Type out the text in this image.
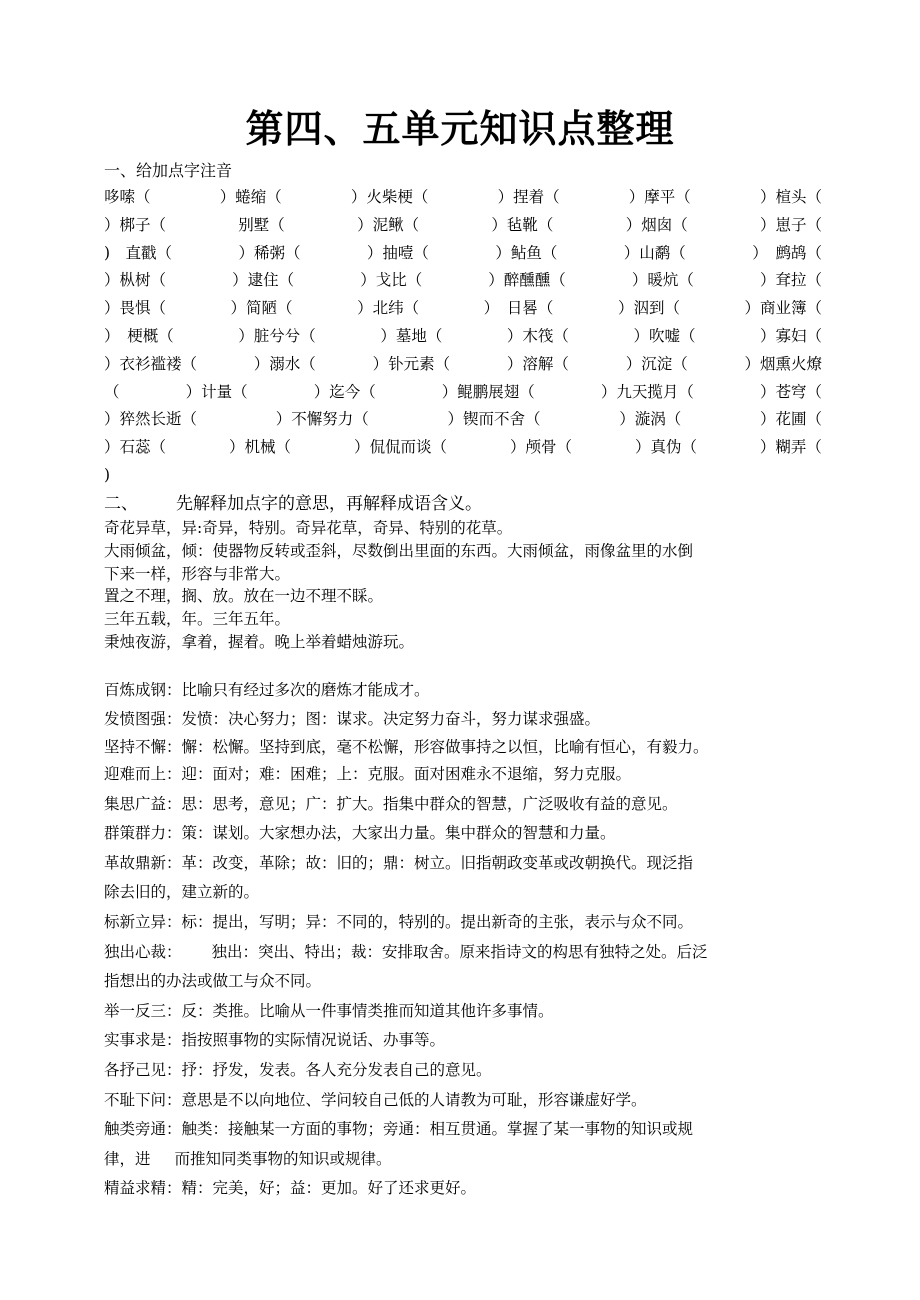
第四、五单元知识点整理
一、给加点字注音
哆嗦（	）蜷缩（	）火柴梗（	）捏着（	）摩平（	）楦头（
）梆子（	别墅（	）泥鳅（	）毡靴（	）烟囱（	）崽子（
)　直戳（	）稀粥（	）抽噎（	）鲇鱼（	）山鹬（	）　鹧鸪（
）枞树（	）逮住（	）戈比（	）醉醺醺（	）暖炕（	）耷拉（
）畏惧（	）简陋（	）北纬（	）　日晷（	）泅到（	）商业簿（
）　梗概（	）脏兮兮（	）墓地（	）木筏（	）吹嘘（	）寡妇（
）衣衫褴褛（	）溺水（	）钋元素（	）溶解（	）沉淀（	）烟熏火燎
（	）计量（	）迄今（	）鲲鹏展翅（	）九天揽月（	）苍穹（
）猝然长逝（	）不懈努力（	）锲而不舍（	）漩涡（	）花圃（
）石蕊（	）机械（	）侃侃而谈（	）颅骨（	）真伪（	）糊弄（
)
二、 先解释加点字的意思，再解释成语含义。

奇花异草，异:奇异，特别。奇异花草，奇异、特别的花草。

大雨倾盆，倾：使器物反转或歪斜，尽数倒出里面的东西。大雨倾盆，雨像盆里的水倒

下来一样，形容与非常大。

置之不理，搁、放。放在一边不理不睬。

三年五载，年。三年五年。

秉烛夜游，拿着，握着。晚上举着蜡烛游玩。

百炼成钢：比喻只有经过多次的磨炼才能成才。

发愤图强：发愤：决心努力；图：谋求。决定努力奋斗，努力谋求强盛。

坚持不懈：懈：松懈。坚持到底，毫不松懈，形容做事持之以恒，比喻有恒心，有毅力。

迎难而上：迎：面对；难：困难；上：克服。面对困难永不退缩，努力克服。

集思广益：思：思考，意见；广：扩大。指集中群众的智慧，广泛吸收有益的意见。

群策群力：策：谋划。大家想办法，大家出力量。集中群众的智慧和力量。

革故鼎新：革：改变，革除；故：旧的；鼎：树立。旧指朝政变革或改朝换代。现泛指

除去旧的，建立新的。

标新立异：标：提出，写明；异：不同的，特别的。提出新奇的主张，表示与众不同。

独出心裁： 独出：突出、特出；裁：安排取舍。原来指诗文的构思有独特之处。后泛

指想出的办法或做工与众不同。

举一反三：反：类推。比喻从一件事情类推而知道其他许多事情。

实事求是：指按照事物的实际情况说话、办事等。

各抒己见：抒：抒发，发表。各人充分发表自己的意见。

不耻下问：意思是不以向地位、学问较自己低的人请教为可耻，形容谦虚好学。

触类旁通：触类：接触某一方面的事物；旁通：相互贯通。掌握了某一事物的知识或规

律，进 而推知同类事物的知识或规律。

精益求精：精：完美，好；益：更加。好了还求更好。
